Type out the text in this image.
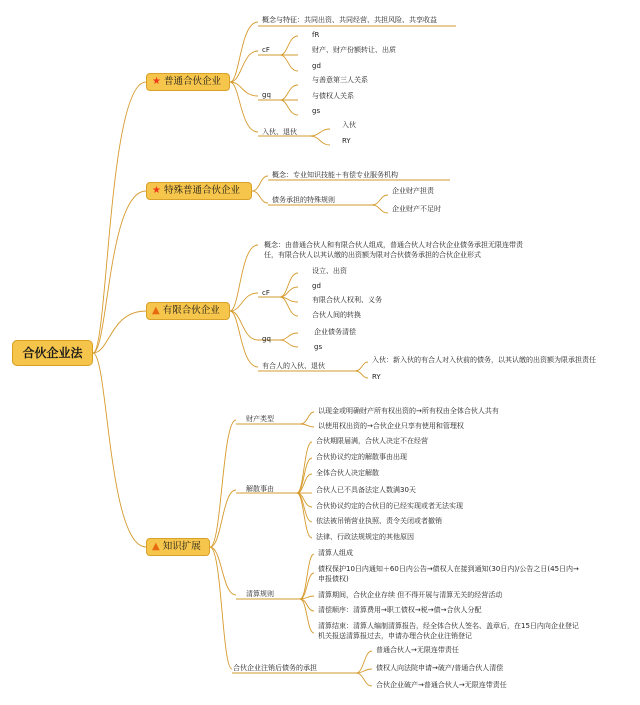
合伙企业法
★ 普通合伙企业
概念与特征：共同出资、共同经营、共担风险、共享收益
cF
fR
财产、财产份额转让、出质
gd
gq
与善意第三人关系
与债权人关系
gs
入伙、退伙
入伙
RY
★ 特殊普通合伙企业
概念：专业知识技能＋有偿专业服务机构
债务承担的特殊规则
企业财产担责
企业财产不足时
▲ 有限合伙企业
概念：由普通合伙人和有限合伙人组成，普通合伙人对合伙企业债务承担无限连带责任，有限合伙人以其认缴的出资额为限对合伙债务承担的合伙企业形式
cF
设立、出资
gd
有限合伙人权利、义务
合伙人间的转换
gq
企业债务清偿
gs
有合人的入伙、退伙
入伙：新入伙的有合人对入伙前的债务，以其认缴的出资额为限承担责任
RY
▲ 知识扩展
财产类型
以现金或明确财产所有权出资的→所有权由全体合伙人共有
以使用权出资的→合伙企业只享有使用和管理权
解散事由
合伙期限届满，合伙人决定不在经营
合伙协议约定的解散事由出现
全体合伙人决定解散
合伙人已不具备法定人数满30天
合伙协议约定的合伙目的已经实现或者无法实现
依法被吊销营业执照、责令关闭或者撤销
法律、行政法规规定的其他原因
清算规则
清算人组成
债权保护10日内通知＋60日内公告→债权人在接到通知(30日内)/公告之日(45日内→申报债权)
清算期间，合伙企业存续 但不得开展与清算无关的经营活动
清偿顺序：清算费用→职工债权→税→债→合伙人分配
清算结束：清算人编制清算报告，经全体合伙人签名、盖章后，在15日内向企业登记机关报送清算报过去，申请办理合伙企业注销登记
合伙企业注销后债务的承担
普通合伙人→无限连带责任
债权人向法院申请→破产/普通合伙人清偿
合伙企业破产→普通合伙人→无限连带责任
